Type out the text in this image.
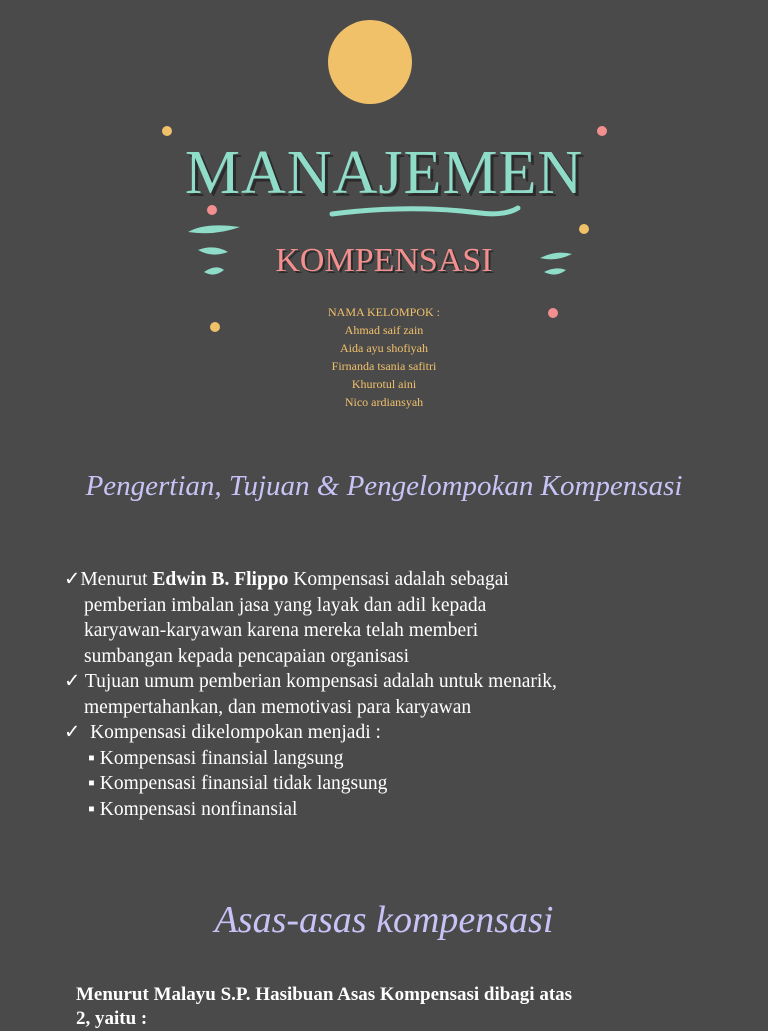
MANAJEMEN
KOMPENSASI
NAMA KELOMPOK :
Ahmad saif zain
Aida ayu shofiyah
Firnanda tsania safitri
Khurotul aini
Nico ardiansyah
Pengertian, Tujuan & Pengelompokan Kompensasi
✓Menurut Edwin B. Flippo Kompensasi adalah sebagai
pemberian imbalan jasa yang layak dan adil kepada
karyawan-karyawan karena mereka telah memberi
sumbangan kepada pencapaian organisasi
✓ Tujuan umum pemberian kompensasi adalah untuk menarik,
mempertahankan, dan memotivasi para karyawan
✓  Kompensasi dikelompokan menjadi :
▪ Kompensasi finansial langsung
▪ Kompensasi finansial tidak langsung
▪ Kompensasi nonfinansial
Asas-asas kompensasi
Menurut Malayu S.P. Hasibuan Asas Kompensasi dibagi atas
2, yaitu :
